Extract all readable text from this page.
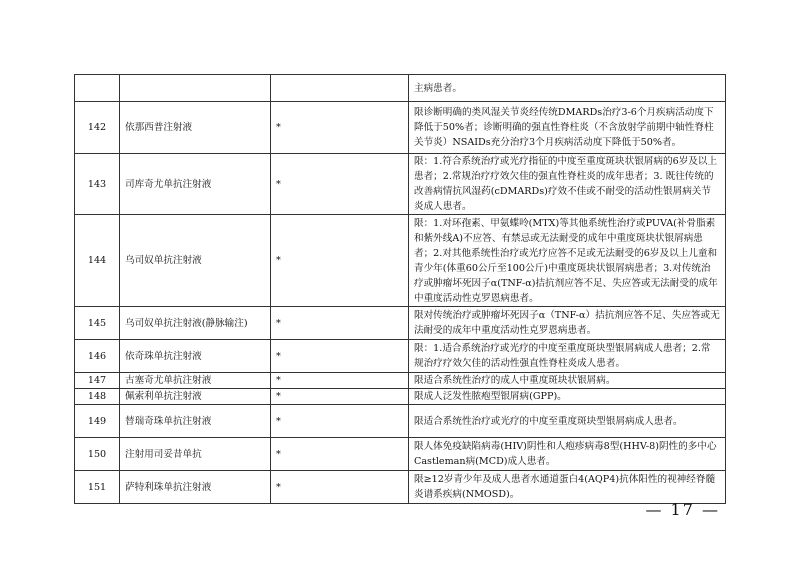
			主病患者。
142	依那西普注射液	*	限诊断明确的类风湿关节炎经传统DMARDs治疗3-6个月疾病活动度下降低于50%者；诊断明确的强直性脊柱炎（不含放射学前期中轴性脊柱关节炎）NSAIDs充分治疗3个月疾病活动度下降低于50%者。
143	司库奇尤单抗注射液	*	限：1.符合系统治疗或光疗指征的中度至重度斑块状银屑病的6岁及以上患者；2.常规治疗疗效欠佳的强直性脊柱炎的成年患者；3. 既往传统的改善病情抗风湿药(cDMARDs)疗效不佳或不耐受的活动性银屑病关节炎成人患者。
144	乌司奴单抗注射液	*	限：1.对环孢素、甲氨蝶呤(MTX)等其他系统性治疗或PUVA(补骨脂素和紫外线A)不应答、有禁忌或无法耐受的成年中重度斑块状银屑病患者；2.对其他系统性治疗或光疗应答不足或无法耐受的6岁及以上儿童和青少年(体重60公斤至100公斤)中重度斑块状银屑病患者；3.对传统治疗或肿瘤坏死因子α(TNF-α)拮抗剂应答不足、失应答或无法耐受的成年中重度活动性克罗恩病患者。
145	乌司奴单抗注射液(静脉输注)	*	限对传统治疗或肿瘤坏死因子α（TNF-α）拮抗剂应答不足、失应答或无法耐受的成年中重度活动性克罗恩病患者。
146	依奇珠单抗注射液	*	限：1.适合系统治疗或光疗的中度至重度斑块型银屑病成人患者；2.常规治疗疗效欠佳的活动性强直性脊柱炎成人患者。
147	古塞奇尤单抗注射液	*	限适合系统性治疗的成人中重度斑块状银屑病。
148	佩索利单抗注射液	*	限成人泛发性脓疱型银屑病(GPP)。
149	替瑞奇珠单抗注射液	*	限适合系统性治疗或光疗的中度至重度斑块型银屑病成人患者。
150	注射用司妥昔单抗	*	限人体免疫缺陷病毒(HIV)阴性和人疱疹病毒8型(HHV-8)阴性的多中心Castleman病(MCD)成人患者。
151	萨特利珠单抗注射液	*	限≥12岁青少年及成人患者水通道蛋白4(AQP4)抗体阳性的视神经脊髓炎谱系疾病(NMOSD)。
— 17 —
